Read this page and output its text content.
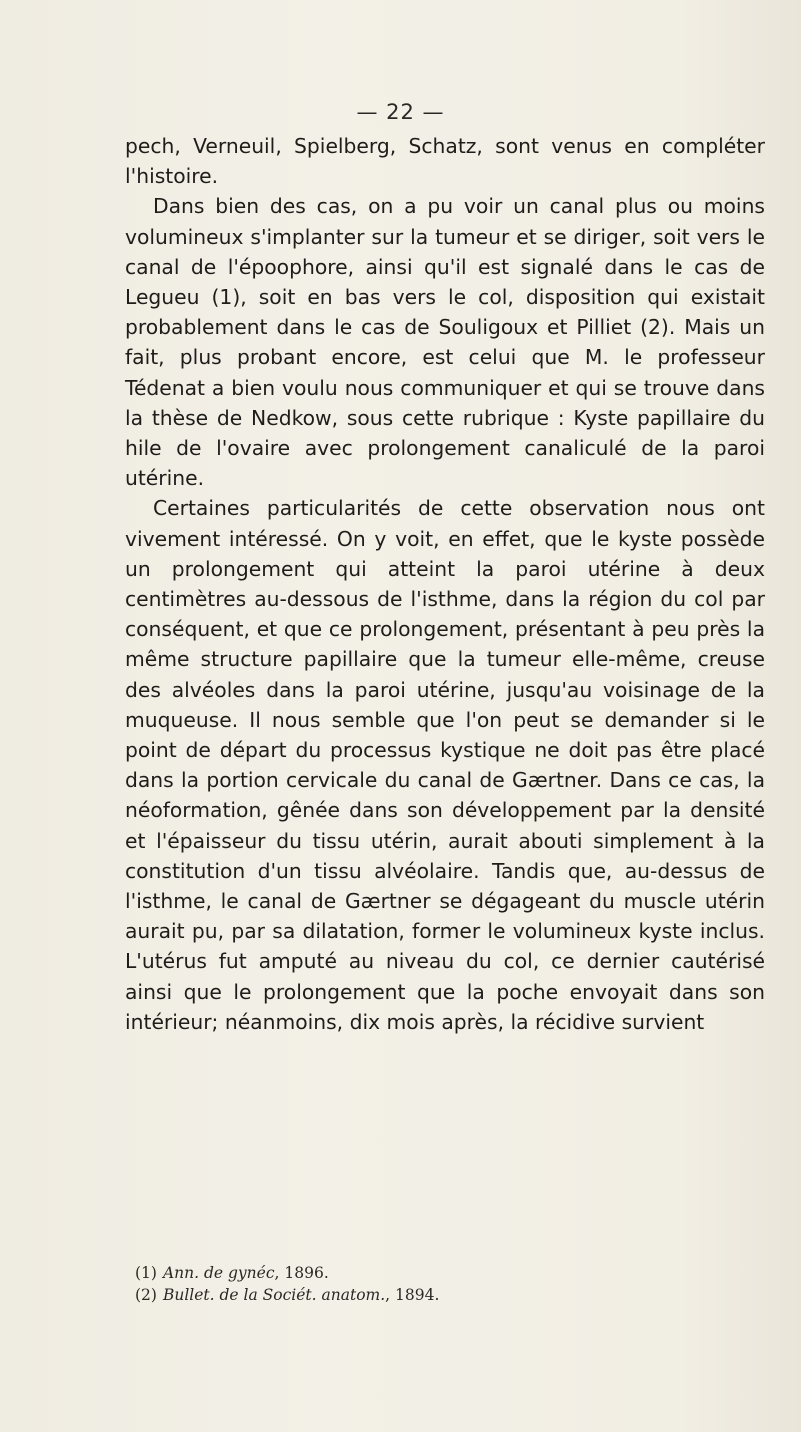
— 22 —

pech, Verneuil, Spielberg, Schatz, sont venus en compléter l'histoire.

Dans bien des cas, on a pu voir un canal plus ou moins volumineux s'implanter sur la tumeur et se diriger, soit vers le canal de l'époophore, ainsi qu'il est signalé dans le cas de Legueu (1), soit en bas vers le col, disposition qui existait probablement dans le cas de Souligoux et Pilliet (2). Mais un fait, plus probant encore, est celui que M. le professeur Tédenat a bien voulu nous communiquer et qui se trouve dans la thèse de Nedkow, sous cette rubrique : Kyste papillaire du hile de l'ovaire avec prolongement canaliculé de la paroi utérine.

Certaines particularités de cette observation nous ont vivement intéressé. On y voit, en effet, que le kyste possède un prolongement qui atteint la paroi utérine à deux centimètres au-dessous de l'isthme, dans la région du col par conséquent, et que ce prolongement, présentant à peu près la même structure papillaire que la tumeur elle-même, creuse des alvéoles dans la paroi utérine, jusqu'au voisinage de la muqueuse. Il nous semble que l'on peut se demander si le point de départ du processus kystique ne doit pas être placé dans la portion cervicale du canal de Gærtner. Dans ce cas, la néoformation, gênée dans son développement par la densité et l'épaisseur du tissu utérin, aurait abouti simplement à la constitution d'un tissu alvéolaire. Tandis que, au-dessus de l'isthme, le canal de Gærtner se dégageant du muscle utérin aurait pu, par sa dilatation, former le volumineux kyste inclus. L'utérus fut amputé au niveau du col, ce dernier cautérisé ainsi que le prolongement que la poche envoyait dans son intérieur; néanmoins, dix mois après, la récidive survient

(1) Ann. de gynéc, 1896.

(2) Bullet. de la Sociét. anatom., 1894.
